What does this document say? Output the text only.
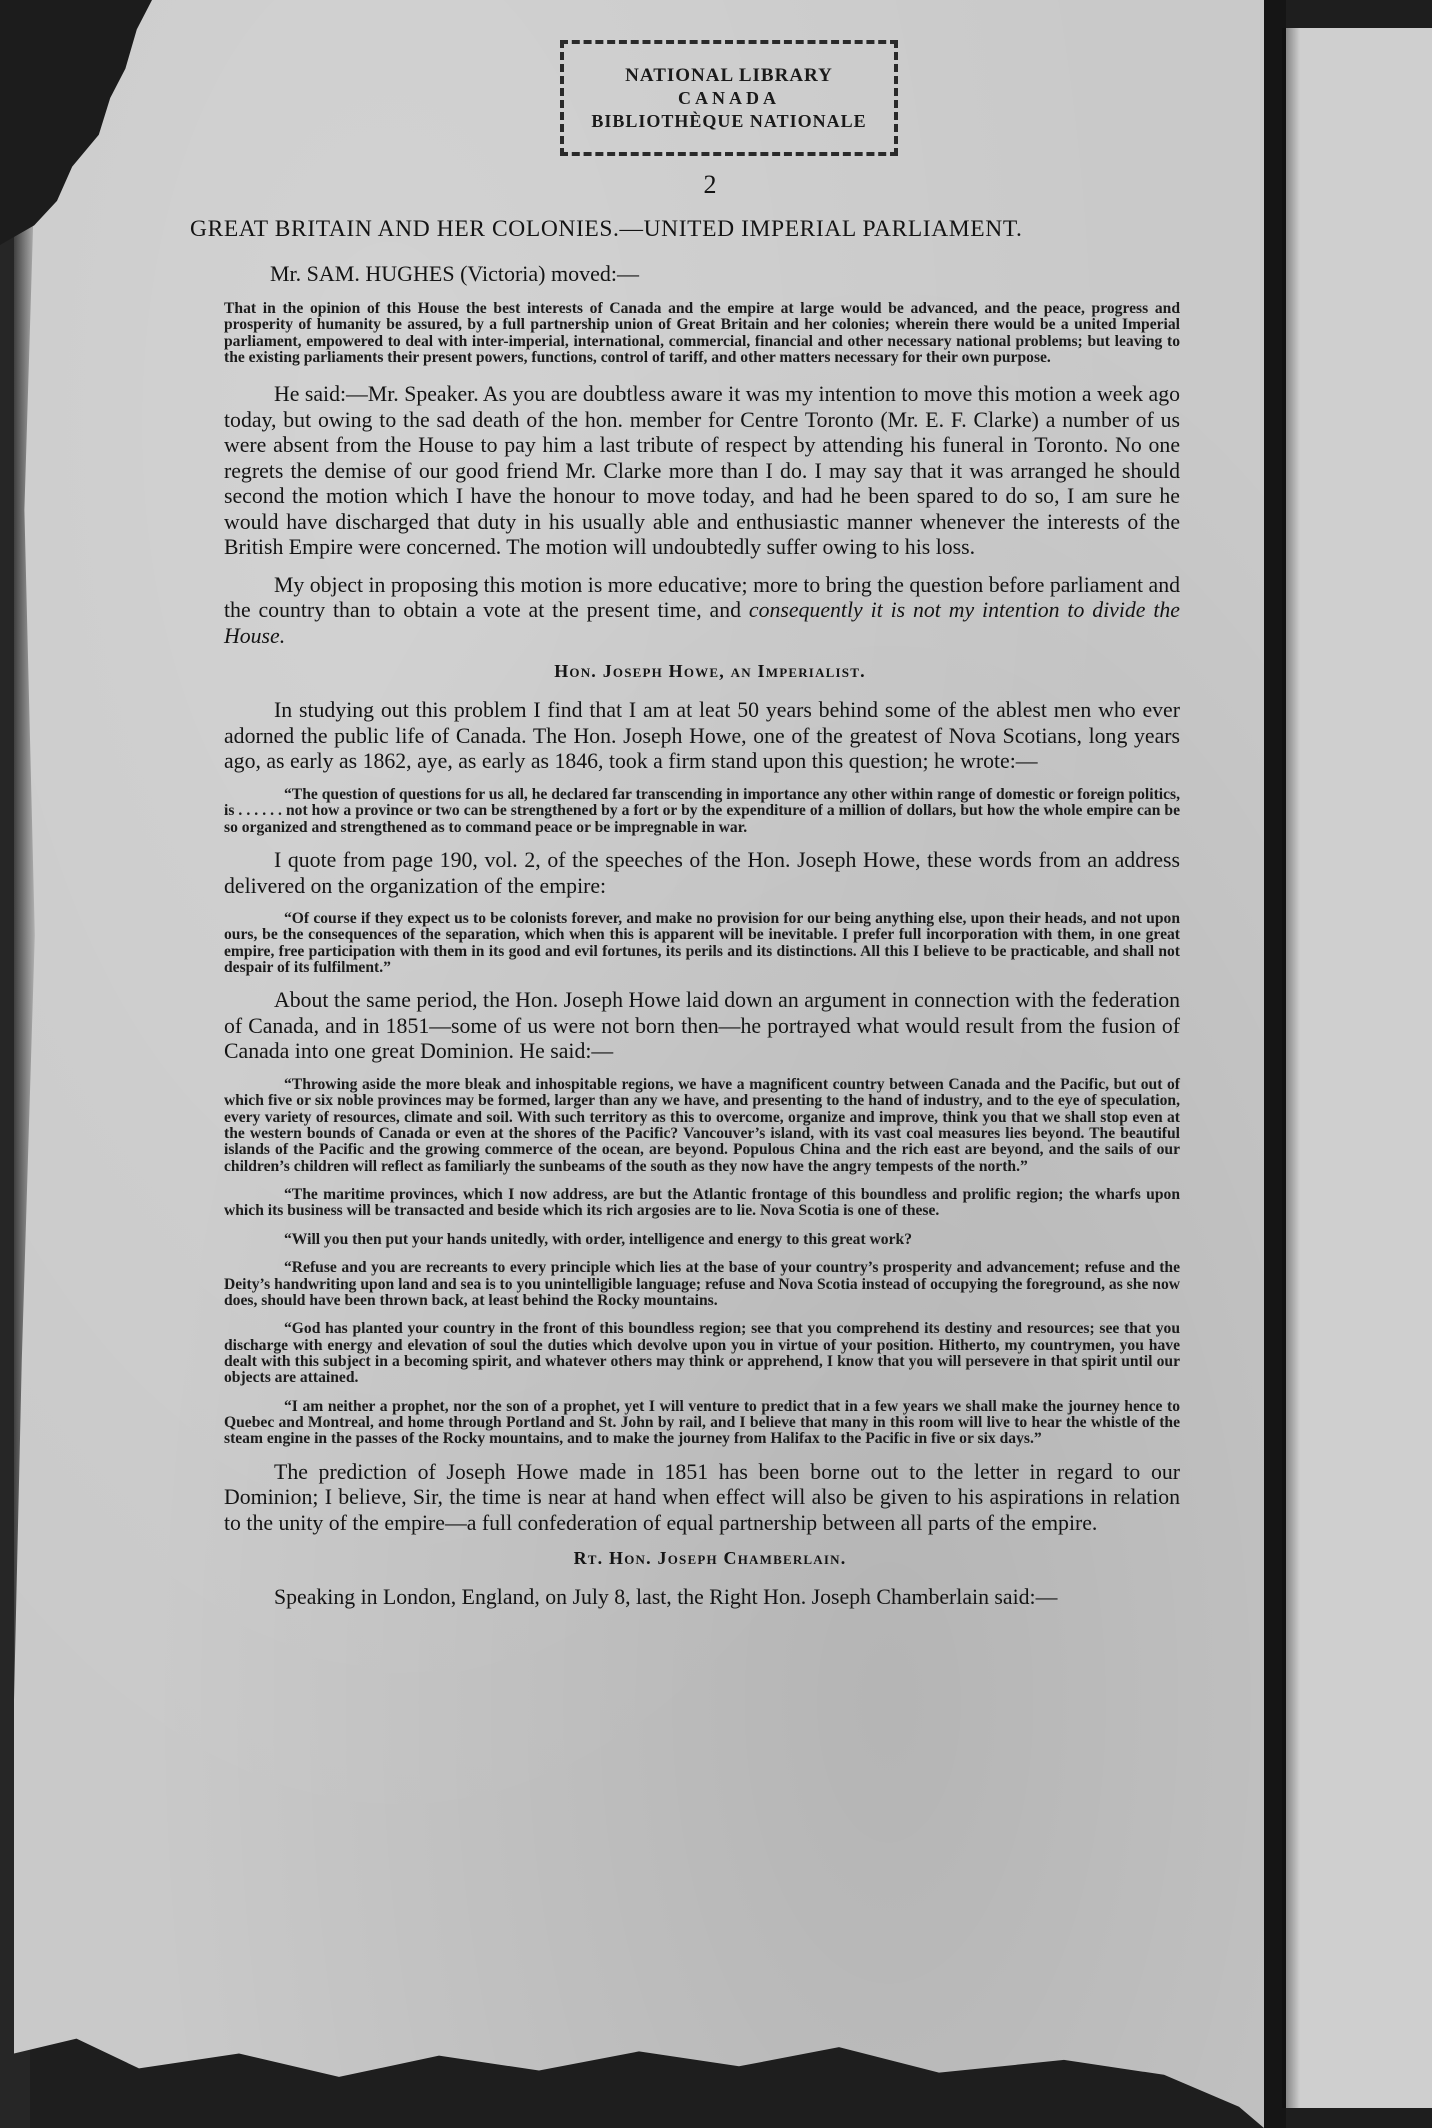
NATIONAL LIBRARY
CANADA
BIBLIOTHÈQUE NATIONALE
2
GREAT BRITAIN AND HER COLONIES.—UNITED IMPERIAL PARLIAMENT.
Mr. SAM. HUGHES (Victoria) moved:—

That in the opinion of this House the best interests of Canada and the empire at large would be advanced, and the peace, progress and prosperity of humanity be assured, by a full partnership union of Great Britain and her colonies; wherein there would be a united Imperial parliament, empowered to deal with inter-imperial, international, commercial, financial and other necessary national problems; but leaving to the existing parliaments their present powers, functions, control of tariff, and other matters necessary for their own purpose.

He said:—Mr. Speaker. As you are doubtless aware it was my intention to move this motion a week ago today, but owing to the sad death of the hon. member for Centre Toronto (Mr. E. F. Clarke) a number of us were absent from the House to pay him a last tribute of respect by attending his funeral in Toronto. No one regrets the demise of our good friend Mr. Clarke more than I do. I may say that it was arranged he should second the motion which I have the honour to move today, and had he been spared to do so, I am sure he would have discharged that duty in his usually able and enthusiastic manner whenever the interests of the British Empire were concerned. The motion will undoubtedly suffer owing to his loss.

My object in proposing this motion is more educative; more to bring the question before parliament and the country than to obtain a vote at the present time, and consequently it is not my intention to divide the House.

Hon. Joseph Howe, an Imperialist.

In studying out this problem I find that I am at leat 50 years behind some of the ablest men who ever adorned the public life of Canada. The Hon. Joseph Howe, one of the greatest of Nova Scotians, long years ago, as early as 1862, aye, as early as 1846, took a firm stand upon this question; he wrote:—

“The question of questions for us all, he declared far transcending in importance any other within range of domestic or foreign politics, is . . . . . . not how a province or two can be strengthened by a fort or by the expenditure of a million of dollars, but how the whole empire can be so organized and strengthened as to command peace or be impregnable in war.

I quote from page 190, vol. 2, of the speeches of the Hon. Joseph Howe, these words from an address delivered on the organization of the empire:

“Of course if they expect us to be colonists forever, and make no provision for our being anything else, upon their heads, and not upon ours, be the consequences of the separation, which when this is apparent will be inevitable. I prefer full incorporation with them, in one great empire, free participation with them in its good and evil fortunes, its perils and its distinctions. All this I believe to be practicable, and shall not despair of its fulfilment.”

About the same period, the Hon. Joseph Howe laid down an argument in connection with the federation of Canada, and in 1851—some of us were not born then—he portrayed what would result from the fusion of Canada into one great Dominion. He said:—

“Throwing aside the more bleak and inhospitable regions, we have a magnificent country between Canada and the Pacific, but out of which five or six noble provinces may be formed, larger than any we have, and presenting to the hand of industry, and to the eye of speculation, every variety of resources, climate and soil. With such territory as this to overcome, organize and improve, think you that we shall stop even at the western bounds of Canada or even at the shores of the Pacific? Vancouver’s island, with its vast coal measures lies beyond. The beautiful islands of the Pacific and the growing commerce of the ocean, are beyond. Populous China and the rich east are beyond, and the sails of our children’s children will reflect as familiarly the sunbeams of the south as they now have the angry tempests of the north.”

“The maritime provinces, which I now address, are but the Atlantic frontage of this boundless and prolific region; the wharfs upon which its business will be transacted and beside which its rich argosies are to lie. Nova Scotia is one of these.

“Will you then put your hands unitedly, with order, intelligence and energy to this great work?

“Refuse and you are recreants to every principle which lies at the base of your country’s prosperity and advancement; refuse and the Deity’s handwriting upon land and sea is to you unintelligible language; refuse and Nova Scotia instead of occupying the foreground, as she now does, should have been thrown back, at least behind the Rocky mountains.

“God has planted your country in the front of this boundless region; see that you comprehend its destiny and resources; see that you discharge with energy and elevation of soul the duties which devolve upon you in virtue of your position. Hitherto, my countrymen, you have dealt with this subject in a becoming spirit, and whatever others may think or apprehend, I know that you will persevere in that spirit until our objects are attained.

“I am neither a prophet, nor the son of a prophet, yet I will venture to predict that in a few years we shall make the journey hence to Quebec and Montreal, and home through Portland and St. John by rail, and I believe that many in this room will live to hear the whistle of the steam engine in the passes of the Rocky mountains, and to make the journey from Halifax to the Pacific in five or six days.”

The prediction of Joseph Howe made in 1851 has been borne out to the letter in regard to our Dominion; I believe, Sir, the time is near at hand when effect will also be given to his aspirations in relation to the unity of the empire—a full confederation of equal partnership between all parts of the empire.

Rt. Hon. Joseph Chamberlain.

Speaking in London, England, on July 8, last, the Right Hon. Joseph Chamberlain said:—
